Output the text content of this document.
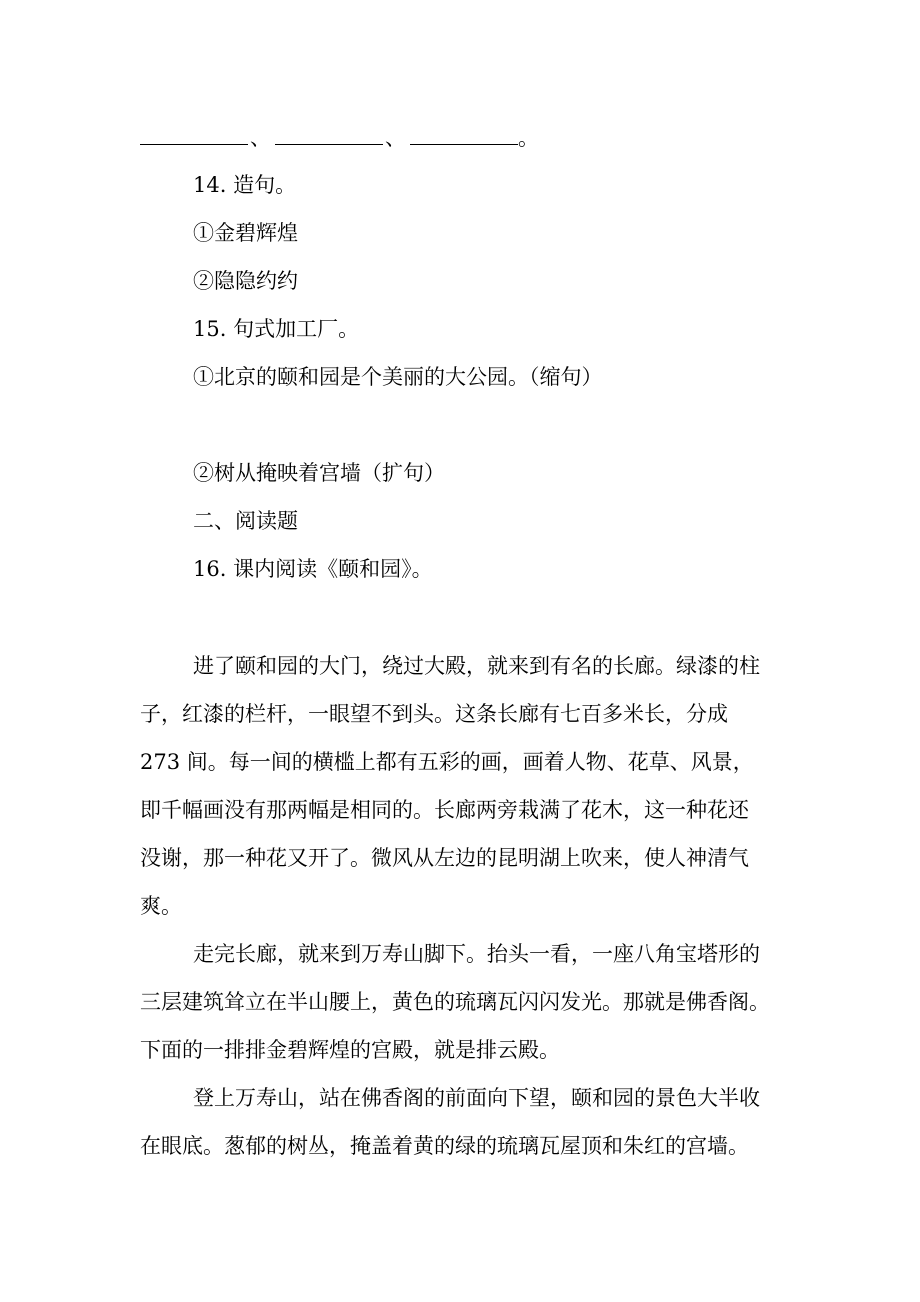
、	、	。
14. 造句。
①金碧辉煌
②隐隐约约
15. 句式加工厂。
①北京的颐和园是个美丽的大公园。（缩句）
②树从掩映着宫墙（扩句）
二、阅读题
16. 课内阅读《颐和园》。
进了颐和园的大门，绕过大殿，就来到有名的长廊。绿漆的柱
子，红漆的栏杆，一眼望不到头。这条长廊有七百多米长，分成
273 间。每一间的横槛上都有五彩的画，画着人物、花草、风景，
即千幅画没有那两幅是相同的。长廊两旁栽满了花木，这一种花还
没谢，那一种花又开了。微风从左边的昆明湖上吹来，使人神清气
爽。
走完长廊，就来到万寿山脚下。抬头一看，一座八角宝塔形的
三层建筑耸立在半山腰上，黄色的琉璃瓦闪闪发光。那就是佛香阁。
下面的一排排金碧辉煌的宫殿，就是排云殿。
登上万寿山，站在佛香阁的前面向下望，颐和园的景色大半收
在眼底。葱郁的树丛，掩盖着黄的绿的琉璃瓦屋顶和朱红的宫墙。
